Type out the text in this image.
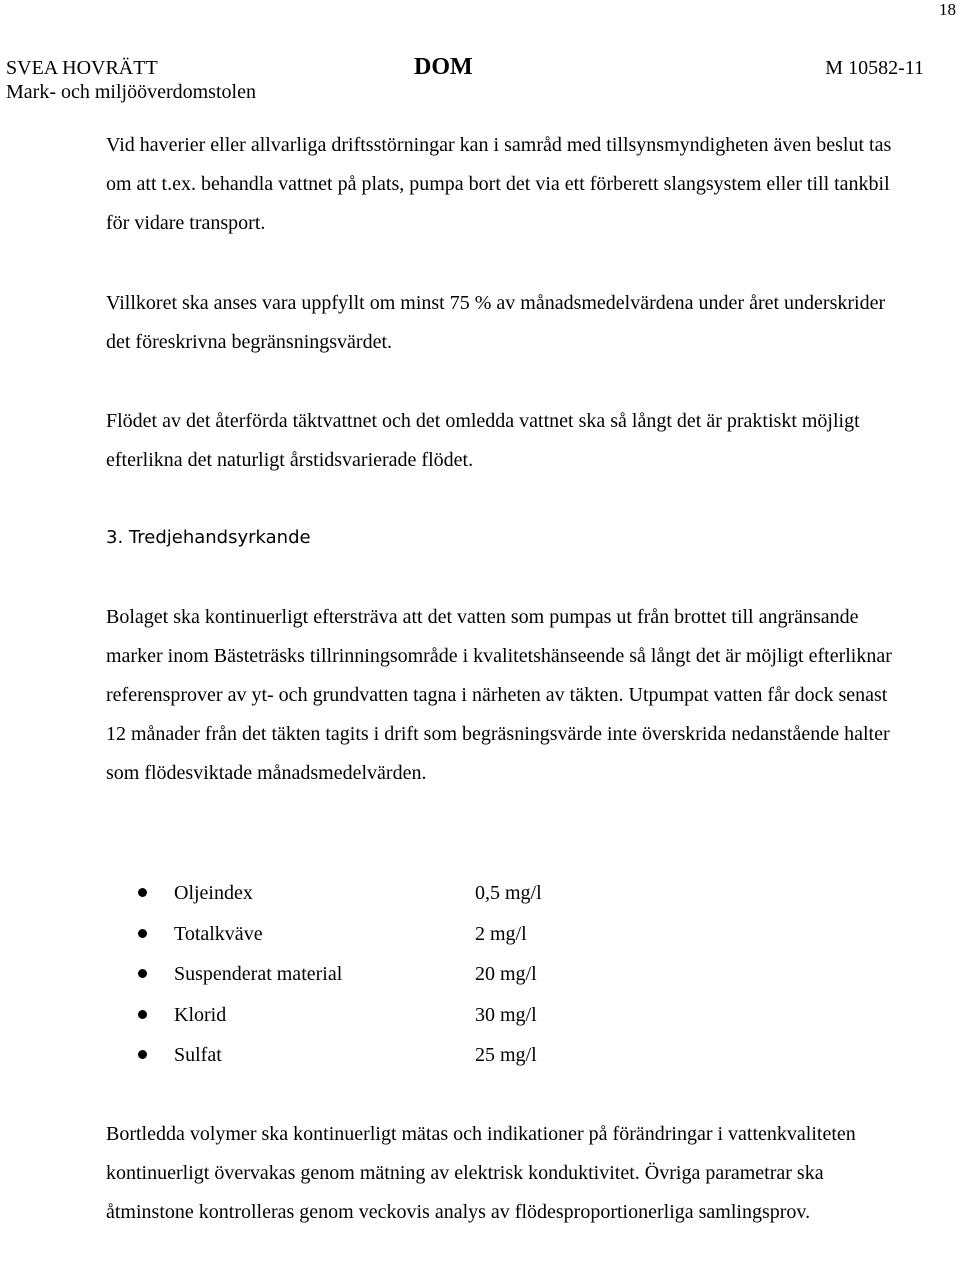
18
SVEA HOVRÄTT
Mark- och miljööverdomstolen
DOM	M 10582-11

Vid haverier eller allvarliga driftsstörningar kan i samråd med tillsynsmyndigheten även beslut tas om att t.ex. behandla vattnet på plats, pumpa bort det via ett förberett slangsystem eller till tankbil för vidare transport.

Villkoret ska anses vara uppfyllt om minst 75 % av månadsmedelvärdena under året underskrider det föreskrivna begränsningsvärdet.

Flödet av det återförda täktvattnet och det omledda vattnet ska så långt det är praktiskt möjligt efterlikna det naturligt årstidsvarierade flödet.

3. Tredjehandsyrkande

Bolaget ska kontinuerligt eftersträva att det vatten som pumpas ut från brottet till angränsande marker inom Bästeträsks tillrinningsområde i kvalitetshänseende så långt det är möjligt efterliknar referensprover av yt- och grundvatten tagna i närheten av täkten. Utpumpat vatten får dock senast 12 månader från det täkten tagits i drift som begräsningsvärde inte överskrida nedanstående halter som flödesviktade månadsmedelvärden.

Oljeindex	0,5 mg/l
Totalkväve	2 mg/l
Suspenderat material	20 mg/l
Klorid	30 mg/l
Sulfat	25 mg/l

Bortledda volymer ska kontinuerligt mätas och indikationer på förändringar i vattenkvaliteten kontinuerligt övervakas genom mätning av elektrisk konduktivitet. Övriga parametrar ska åtminstone kontrolleras genom veckovis analys av flödesproportionerliga samlingsprov.
